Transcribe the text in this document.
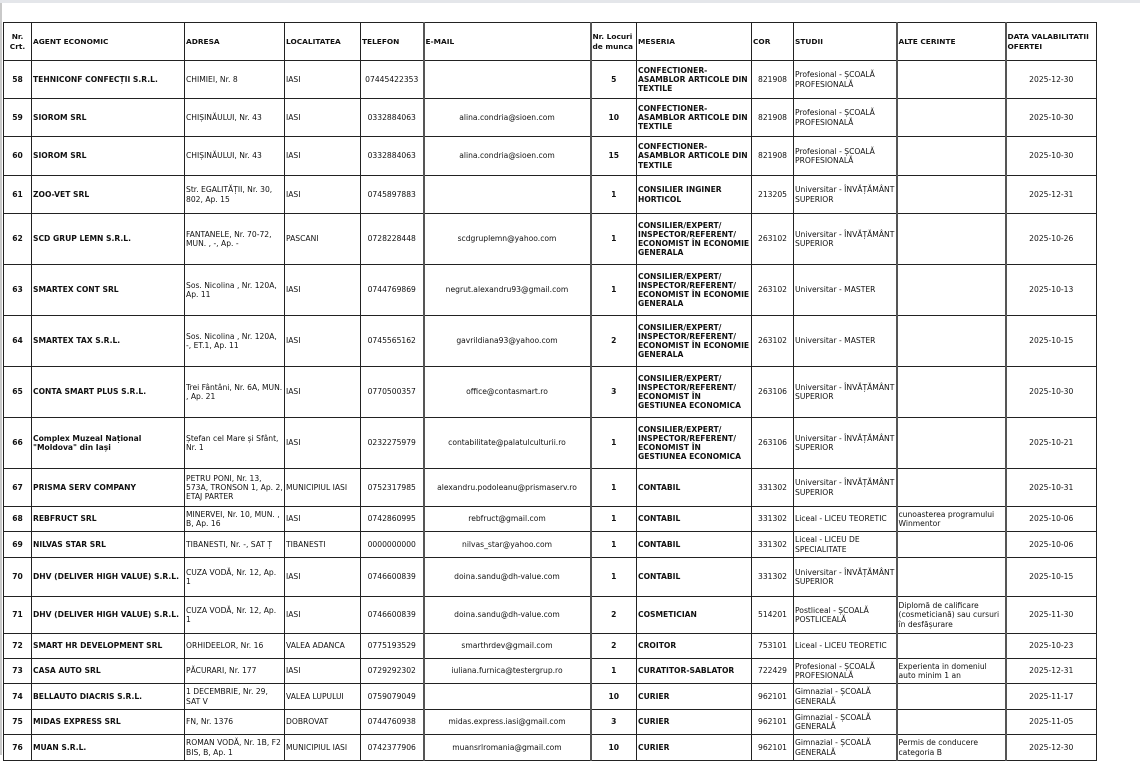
Nr. Crt.	AGENT ECONOMIC	ADRESA	LOCALITATEA	TELEFON	E-MAIL	Nr. Locuri de munca	MESERIA	COR	STUDII	ALTE CERINTE	DATA VALABILITATII OFERTEI
58	TEHNICONF CONFECȚII S.R.L.	CHIMIEI, Nr. 8	IASI	07445422353		5	CONFECTIONER-ASAMBLOR ARTICOLE DIN TEXTILE	821908	Profesional - ȘCOALĂ PROFESIONALĂ		2025-12-30
59	SIOROM SRL	CHIȘINĂULUI, Nr. 43	IASI	0332884063	alina.condria@sioen.com	10	CONFECTIONER-ASAMBLOR ARTICOLE DIN TEXTILE	821908	Profesional - ȘCOALĂ PROFESIONALĂ		2025-10-30
60	SIOROM SRL	CHIȘINĂULUI, Nr. 43	IASI	0332884063	alina.condria@sioen.com	15	CONFECTIONER-ASAMBLOR ARTICOLE DIN TEXTILE	821908	Profesional - ȘCOALĂ PROFESIONALĂ		2025-10-30
61	ZOO-VET SRL	Str. EGALITĂȚII, Nr. 30, 802, Ap. 15	IASI	0745897883		1	CONSILIER INGINER HORTICOL	213205	Universitar - ÎNVĂȚĂMÂNT SUPERIOR		2025-12-31
62	SCD GRUP LEMN S.R.L.	FANTANELE, Nr. 70-72, MUN. , -, Ap. -	PASCANI	0728228448	scdgruplemn@yahoo.com	1	CONSILIER/EXPERT/ INSPECTOR/REFERENT/ ECONOMIST ÎN ECONOMIE GENERALA	263102	Universitar - ÎNVĂȚĂMÂNT SUPERIOR		2025-10-26
63	SMARTEX CONT SRL	Sos. Nicolina , Nr. 120A, Ap. 11	IASI	0744769869	negrut.alexandru93@gmail.com	1	CONSILIER/EXPERT/ INSPECTOR/REFERENT/ ECONOMIST ÎN ECONOMIE GENERALA	263102	Universitar - MASTER		2025-10-13
64	SMARTEX TAX S.R.L.	Sos. Nicolina , Nr. 120A, -, ET.1, Ap. 11	IASI	0745565162	gavrildiana93@yahoo.com	2	CONSILIER/EXPERT/ INSPECTOR/REFERENT/ ECONOMIST ÎN ECONOMIE GENERALA	263102	Universitar - MASTER		2025-10-15
65	CONTA SMART PLUS S.R.L.	Trei Fântâni, Nr. 6A, MUN. , Ap. 21	IASI	0770500357	office@contasmart.ro	3	CONSILIER/EXPERT/ INSPECTOR/REFERENT/ ECONOMIST ÎN GESTIUNEA ECONOMICA	263106	Universitar - ÎNVĂȚĂMÂNT SUPERIOR		2025-10-30
66	Complex Muzeal Național "Moldova" din Iași	Ștefan cel Mare și Sfânt, Nr. 1	IASI	0232275979	contabilitate@palatulculturii.ro	1	CONSILIER/EXPERT/ INSPECTOR/REFERENT/ ECONOMIST ÎN GESTIUNEA ECONOMICA	263106	Universitar - ÎNVĂȚĂMÂNT SUPERIOR		2025-10-21
67	PRISMA SERV COMPANY	PETRU PONI, Nr. 13, 573A, TRONSON 1, Ap. 2, ETAJ PARTER	MUNICIPIUL IASI	0752317985	alexandru.podoleanu@prismaserv.ro	1	CONTABIL	331302	Universitar - ÎNVĂȚĂMÂNT SUPERIOR		2025-10-31
68	REBFRUCT SRL	MINERVEI, Nr. 10, MUN. , B, Ap. 16	IASI	0742860995	rebfruct@gmail.com	1	CONTABIL	331302	Liceal - LICEU TEORETIC	cunoasterea programului Winmentor	2025-10-06
69	NILVAS STAR SRL	TIBANESTI, Nr. -, SAT Ț	TIBANESTI	0000000000	nilvas_star@yahoo.com	1	CONTABIL	331302	Liceal - LICEU DE SPECIALITATE		2025-10-06
70	DHV (DELIVER HIGH VALUE) S.R.L.	CUZA VODĂ, Nr. 12, Ap. 1	IASI	0746600839	doina.sandu@dh-value.com	1	CONTABIL	331302	Universitar - ÎNVĂȚĂMÂNT SUPERIOR		2025-10-15
71	DHV (DELIVER HIGH VALUE) S.R.L.	CUZA VODĂ, Nr. 12, Ap. 1	IASI	0746600839	doina.sandu@dh-value.com	2	COSMETICIAN	514201	Postliceal - ȘCOALĂ POSTLICEALĂ	Diplomă de calificare (cosmeticiană) sau cursuri în desfășurare	2025-11-30
72	SMART HR DEVELOPMENT SRL	ORHIDEELOR, Nr. 16	VALEA ADANCA	0775193529	smarthrdev@gmail.com	2	CROITOR	753101	Liceal - LICEU TEORETIC		2025-10-23
73	CASA AUTO SRL	PĂCURARI, Nr. 177	IASI	0729292302	iuliana.furnica@testergrup.ro	1	CURATITOR-SABLATOR	722429	Profesional - ȘCOALĂ PROFESIONALĂ	Experienta in domeniul auto minim 1 an	2025-12-31
74	BELLAUTO DIACRIS S.R.L.	1 DECEMBRIE, Nr. 29, SAT V	VALEA LUPULUI	0759079049		10	CURIER	962101	Gimnazial - ȘCOALĂ GENERALĂ		2025-11-17
75	MIDAS EXPRESS SRL	FN, Nr. 1376	DOBROVAT	0744760938	midas.express.iasi@gmail.com	3	CURIER	962101	Gimnazial - ȘCOALĂ GENERALĂ		2025-11-05
76	MUAN S.R.L.	ROMAN VODĂ, Nr. 1B, F2 BIS, B, Ap. 1	MUNICIPIUL IASI	0742377906	muansrlromania@gmail.com	10	CURIER	962101	Gimnazial - ȘCOALĂ GENERALĂ	Permis de conducere categoria B	2025-12-30
